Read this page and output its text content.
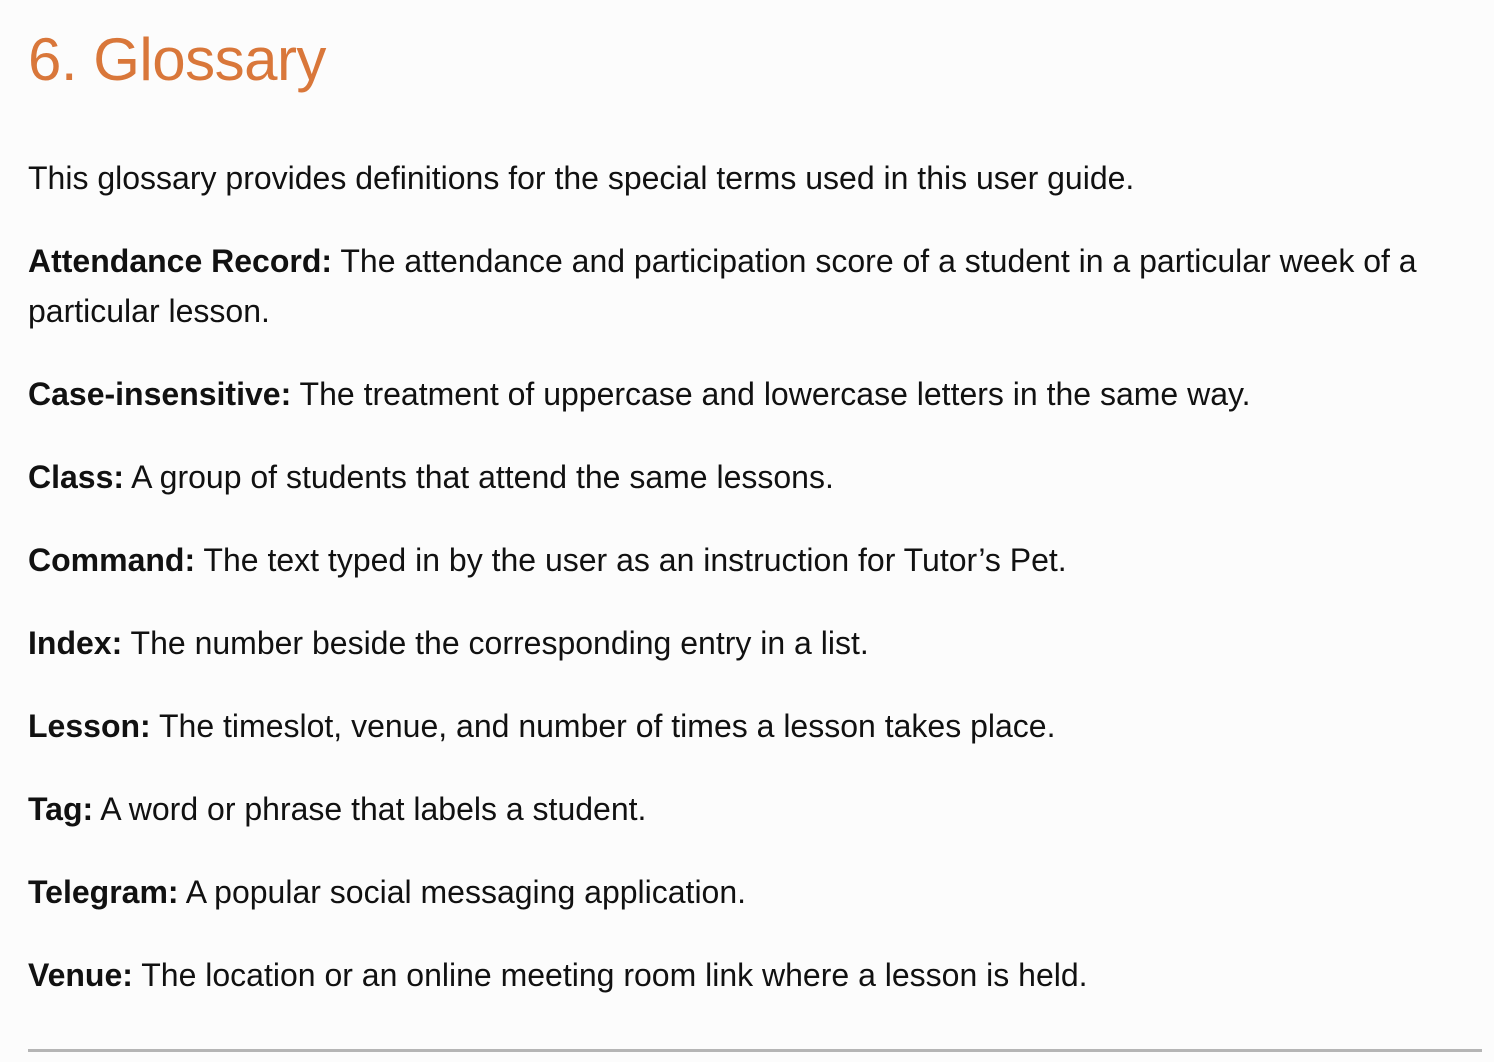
6. Glossary

This glossary provides definitions for the special terms used in this user guide.

Attendance Record: The attendance and participation score of a student in a particular week of a particular lesson.
Case-insensitive: The treatment of uppercase and lowercase letters in the same way.
Class: A group of students that attend the same lessons.
Command: The text typed in by the user as an instruction for Tutor’s Pet.
Index: The number beside the corresponding entry in a list.
Lesson: The timeslot, venue, and number of times a lesson takes place.
Tag: A word or phrase that labels a student.
Telegram: A popular social messaging application.
Venue: The location or an online meeting room link where a lesson is held.
